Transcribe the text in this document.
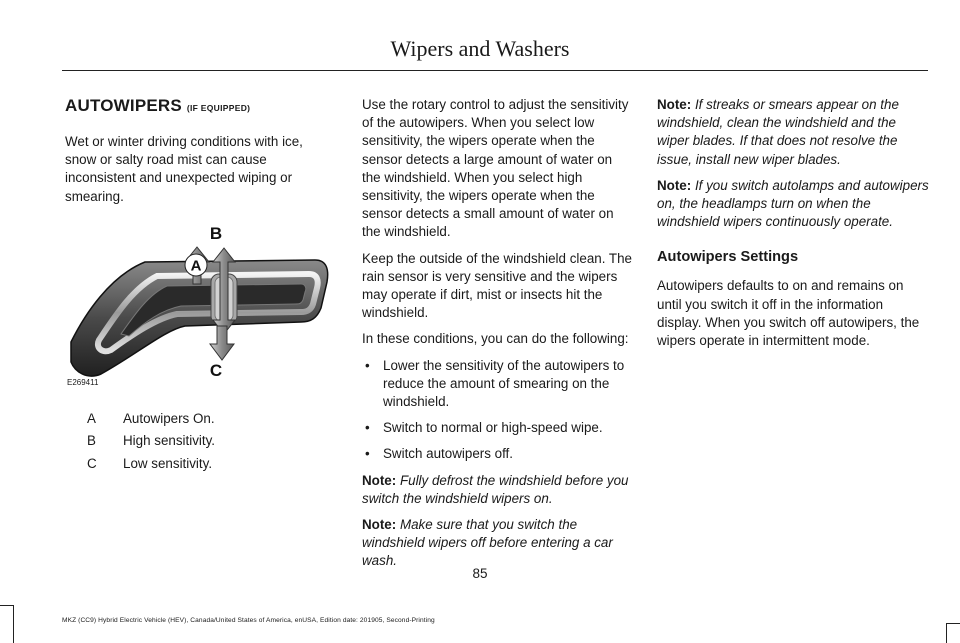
Wipers and Washers
AUTOWIPERS (IF EQUIPPED)

Wet or winter driving conditions with ice, snow or salty road mist can cause inconsistent and unexpected wiping or smearing.

A
B
C
E269411
A	Autowipers On.
B	High sensitivity.
C	Low sensitivity.

Use the rotary control to adjust the sensitivity of the autowipers. When you select low sensitivity, the wipers operate when the sensor detects a large amount of water on the windshield. When you select high sensitivity, the wipers operate when the sensor detects a small amount of water on the windshield.

Keep the outside of the windshield clean. The rain sensor is very sensitive and the wipers may operate if dirt, mist or insects hit the windshield.

In these conditions, you can do the following:

• Lower the sensitivity of the autowipers to reduce the amount of smearing on the windshield.
• Switch to normal or high-speed wipe.
• Switch autowipers off.

Note: Fully defrost the windshield before you switch the windshield wipers on.

Note: Make sure that you switch the windshield wipers off before entering a car wash.

Note: If streaks or smears appear on the windshield, clean the windshield and the wiper blades. If that does not resolve the issue, install new wiper blades.

Note: If you switch autolamps and autowipers on, the headlamps turn on when the windshield wipers continuously operate.

Autowipers Settings

Autowipers defaults to on and remains on until you switch it off in the information display. When you switch off autowipers, the wipers operate in intermittent mode.

85
MKZ (CC9) Hybrid Electric Vehicle (HEV), Canada/United States of America, enUSA, Edition date: 201905, Second-Printing
